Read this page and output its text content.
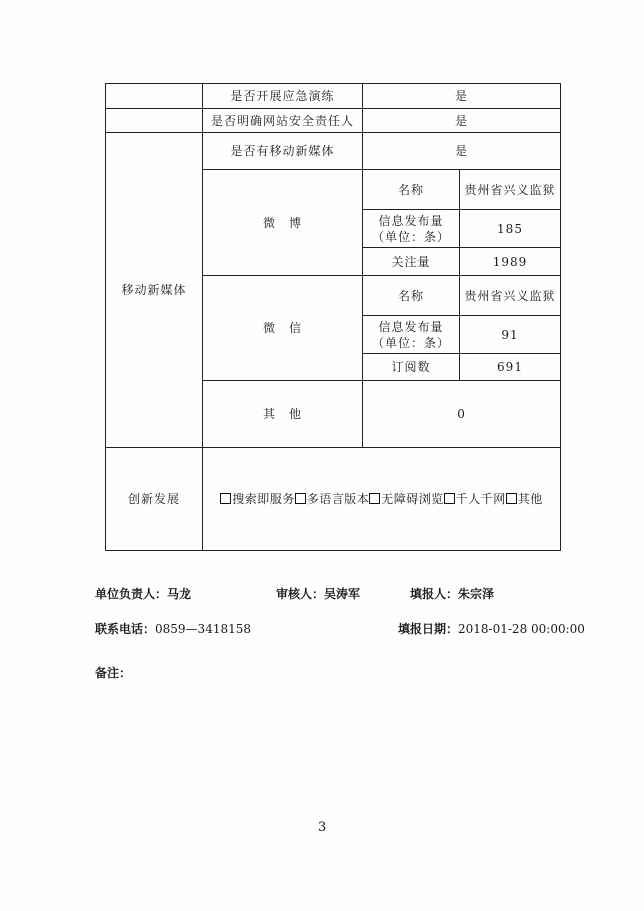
	是否开展应急演练	是	
	是否明确网站安全责任人	是	
移动新媒体	是否有移动新媒体	是	
	微　博	名称	贵州省兴义监狱
		信息发布量（单位：条）	185
		关注量	1989
	微　信	名称	贵州省兴义监狱
		信息发布量（单位：条）	91
		订阅数	691
	其　他	0	
创新发展	搜索即服务 多语言版本 无障碍浏览 千人千网 其他		
单位负责人：马龙	审核人：吴涛军	填报人：朱宗泽
联系电话：0859—3418158	填报日期：2018-01-28 00:00:00
备注：
3
